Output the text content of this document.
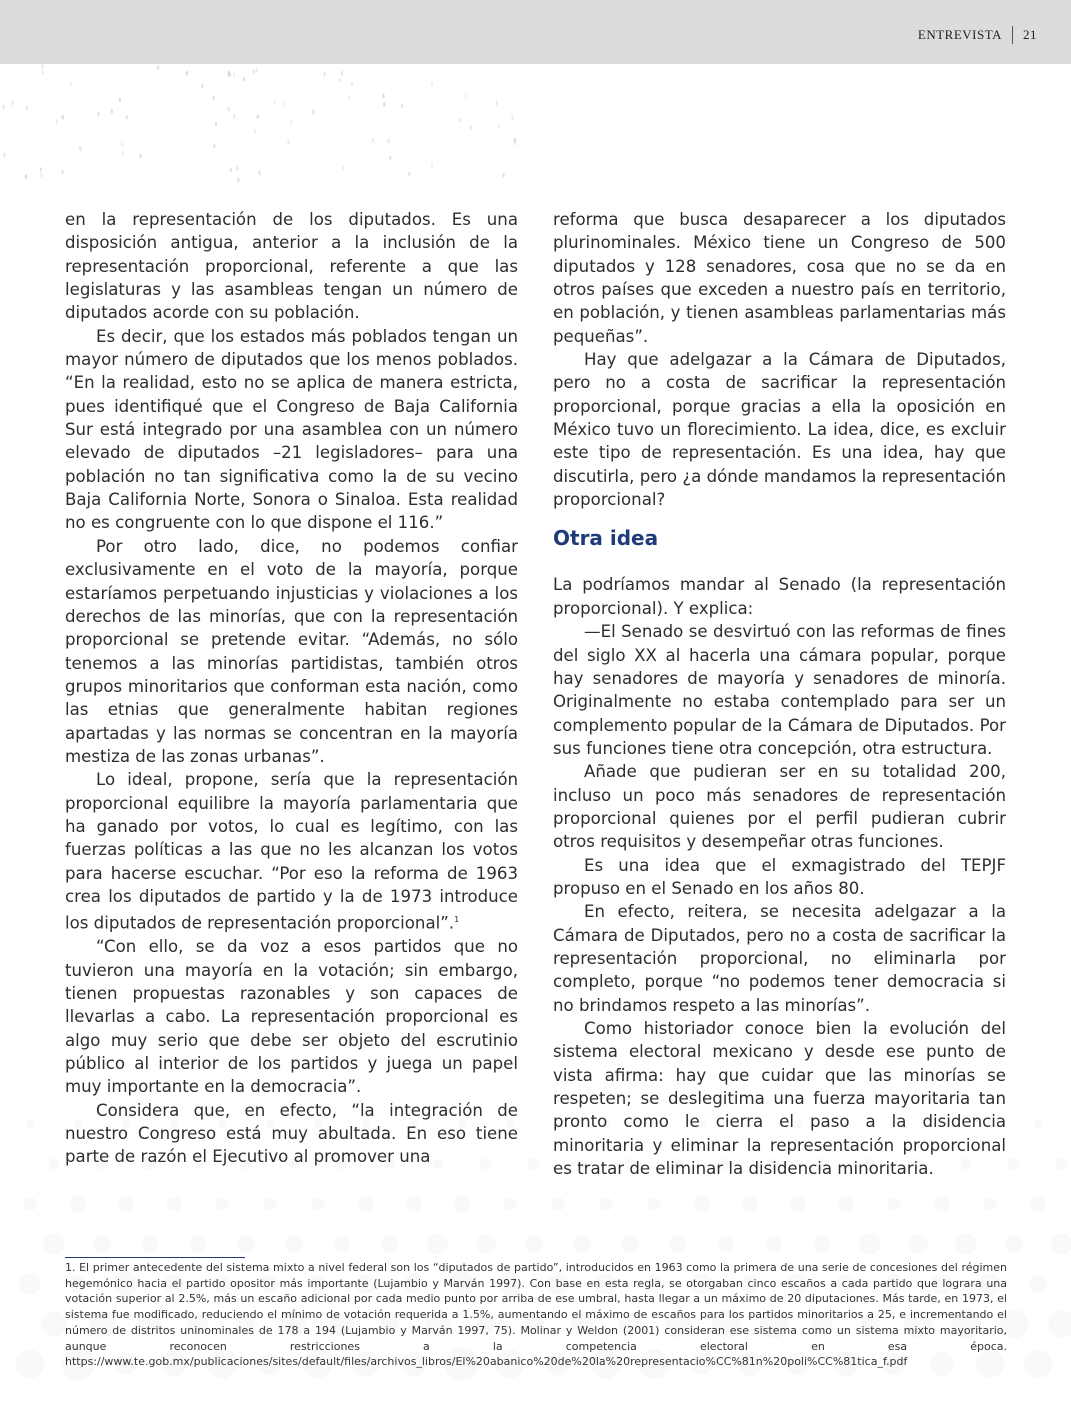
ENTREVISTA 21

en la representación de los diputados. Es una disposición antigua, anterior a la inclusión de la representación proporcional, referente a que las legislaturas y las asambleas tengan un número de diputados acorde con su población.

Es decir, que los estados más poblados tengan un mayor número de diputados que los menos poblados. “En la realidad, esto no se aplica de manera estricta, pues identifiqué que el Congreso de Baja California Sur está integrado por una asamblea con un número elevado de diputados –21 legisladores– para una población no tan significativa como la de su vecino Baja California Norte, Sonora o Sinaloa. Esta realidad no es congruente con lo que dispone el 116.”

Por otro lado, dice, no podemos confiar exclusivamente en el voto de la mayoría, porque estaríamos perpetuando injusticias y violaciones a los derechos de las minorías, que con la representación proporcional se pretende evitar. “Además, no sólo tenemos a las minorías partidistas, también otros grupos minoritarios que conforman esta nación, como las etnias que generalmente habitan regiones apartadas y las normas se concentran en la mayoría mestiza de las zonas urbanas”.

Lo ideal, propone, sería que la representación proporcional equilibre la mayoría parlamentaria que ha ganado por votos, lo cual es legítimo, con las fuerzas políticas a las que no les alcanzan los votos para hacerse escuchar. “Por eso la reforma de 1963 crea los diputados de partido y la de 1973 introduce los diputados de representación proporcional”.$^1$

“Con ello, se da voz a esos partidos que no tuvieron una mayoría en la votación; sin embargo, tienen propuestas razonables y son capaces de llevarlas a cabo. La representación proporcional es algo muy serio que debe ser objeto del escrutinio público al interior de los partidos y juega un papel muy importante en la democracia”.

Considera que, en efecto, “la integración de nuestro Congreso está muy abultada. En eso tiene parte de razón el Ejecutivo al promover una

reforma que busca desaparecer a los diputados plurinominales. México tiene un Congreso de 500 diputados y 128 senadores, cosa que no se da en otros países que exceden a nuestro país en territorio, en población, y tienen asambleas parlamentarias más pequeñas”.

Hay que adelgazar a la Cámara de Diputados, pero no a costa de sacrificar la representación proporcional, porque gracias a ella la oposición en México tuvo un florecimiento. La idea, dice, es excluir este tipo de representación. Es una idea, hay que discutirla, pero ¿a dónde mandamos la representación proporcional?

Otra idea

La podríamos mandar al Senado (la representación proporcional). Y explica:

—El Senado se desvirtuó con las reformas de fines del siglo XX al hacerla una cámara popular, porque hay senadores de mayoría y senadores de minoría. Originalmente no estaba contemplado para ser un complemento popular de la Cámara de Diputados. Por sus funciones tiene otra concepción, otra estructura.

Añade que pudieran ser en su totalidad 200, incluso un poco más senadores de representación proporcional quienes por el perfil pudieran cubrir otros requisitos y desempeñar otras funciones.

Es una idea que el exmagistrado del TEPJF propuso en el Senado en los años 80.

En efecto, reitera, se necesita adelgazar a la Cámara de Diputados, pero no a costa de sacrificar la representación proporcional, no eliminarla por completo, porque “no podemos tener democracia si no brindamos respeto a las minorías”.

Como historiador conoce bien la evolución del sistema electoral mexicano y desde ese punto de vista afirma: hay que cuidar que las minorías se respeten; se deslegitima una fuerza mayoritaria tan pronto como le cierra el paso a la disidencia minoritaria y eliminar la representación proporcional es tratar de eliminar la disidencia minoritaria.

1. El primer antecedente del sistema mixto a nivel federal son los “diputados de partido”, introducidos en 1963 como la primera de una serie de concesiones del régimen hegemónico hacia el partido opositor más importante (Lujambio y Marván 1997). Con base en esta regla, se otorgaban cinco escaños a cada partido que lograra una votación superior al 2.5%, más un escaño adicional por cada medio punto por arriba de ese umbral, hasta llegar a un máximo de 20 diputaciones. Más tarde, en 1973, el sistema fue modificado, reduciendo el mínimo de votación requerida a 1.5%, aumentando el máximo de escaños para los partidos minoritarios a 25, e incrementando el número de distritos uninominales de 178 a 194 (Lujambio y Marván 1997, 75). Molinar y Weldon (2001) consideran ese sistema como un sistema mixto mayoritario, aunque reconocen restricciones a la competencia electoral en esa época. https://www.te.gob.mx/publicaciones/sites/default/files/archivos_libros/El%20abanico%20de%20la%20representacio%CC%81n%20poli%CC%81tica_f.pdf
